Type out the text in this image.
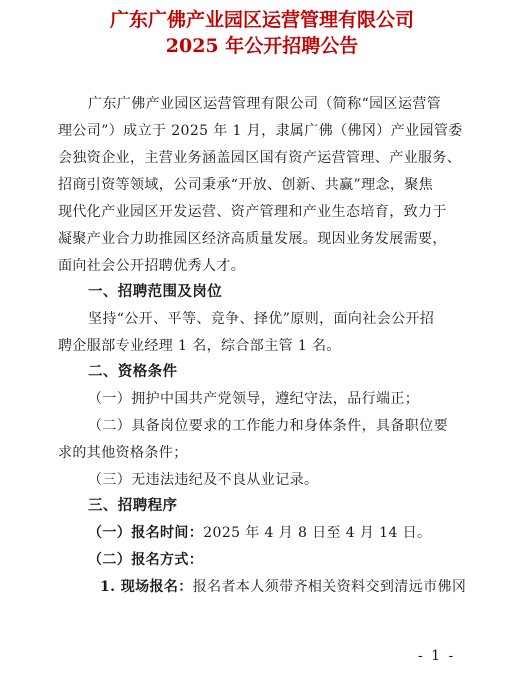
广东广佛产业园区运营管理有限公司
2025 年公开招聘公告
广东广佛产业园区运营管理有限公司（简称“园区运营管
理公司”）成立于 2025 年 1 月，隶属广佛（佛冈）产业园管委
会独资企业，主营业务涵盖园区国有资产运营管理、产业服务、
招商引资等领域，公司秉承“开放、创新、共赢”理念，聚焦
现代化产业园区开发运营、资产管理和产业生态培育，致力于
凝聚产业合力助推园区经济高质量发展。现因业务发展需要，
面向社会公开招聘优秀人才。
一、招聘范围及岗位
坚持“公开、平等、竞争、择优”原则，面向社会公开招
聘企服部专业经理 1 名，综合部主管 1 名。
二、资格条件
（一）拥护中国共产党领导，遵纪守法，品行端正；
（二）具备岗位要求的工作能力和身体条件，具备职位要
求的其他资格条件；
（三）无违法违纪及不良从业记录。
三、招聘程序
（一）报名时间：2025 年 4 月 8 日至 4 月 14 日。
（二）报名方式：
1. 现场报名：报名者本人须带齐相关资料交到清远市佛冈
- 1 -
